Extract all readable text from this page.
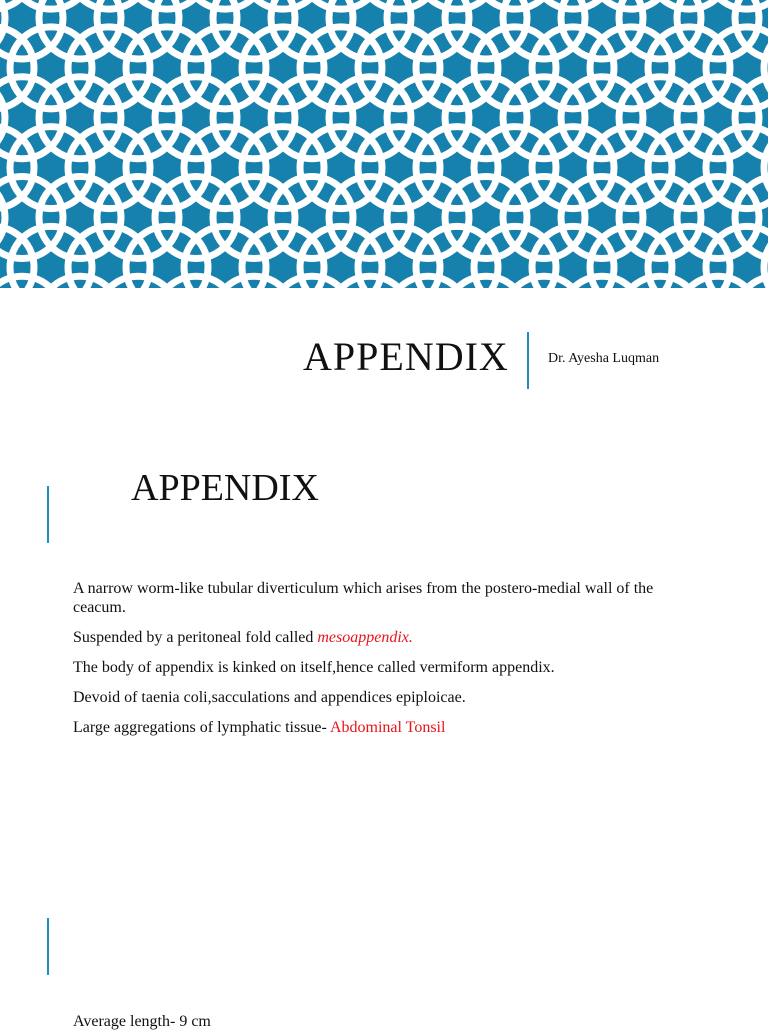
APPENDIX	Dr. Ayesha Luqman
APPENDIX
A narrow worm-like tubular diverticulum which arises from the postero-medial wall of the ceacum.
Suspended by a peritoneal fold called mesoappendix.
The body of appendix is kinked on itself,hence called vermiform appendix.
Devoid of taenia coli,sacculations and appendices epiploicae.
Large aggregations of lymphatic tissue- Abdominal Tonsil
Average length- 9 cm
